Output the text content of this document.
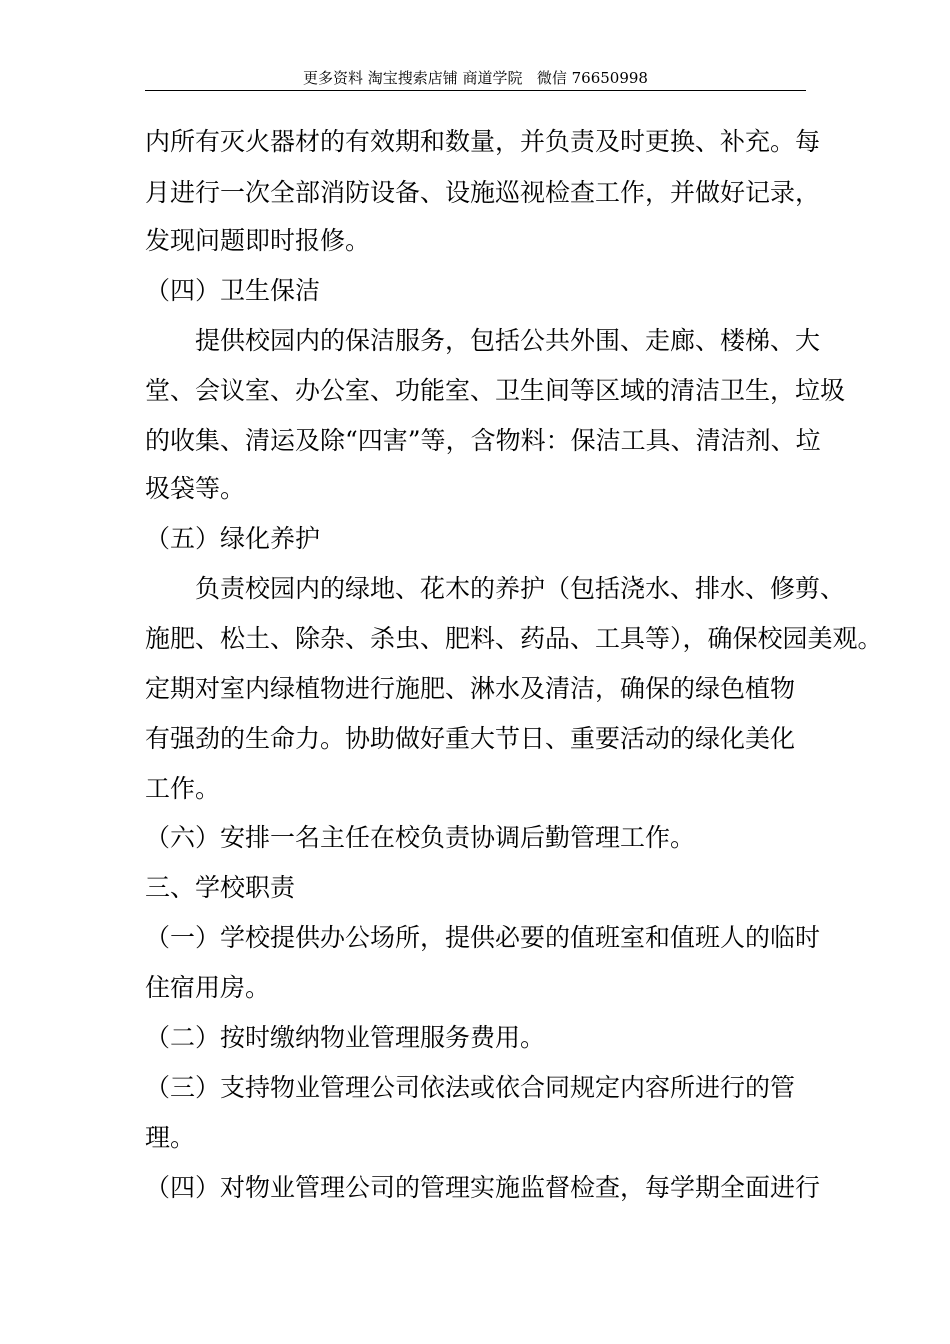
更多资料 淘宝搜索店铺 商道学院   微信 76650998
内所有灭火器材的有效期和数量，并负责及时更换、补充。每
月进行一次全部消防设备、设施巡视检查工作，并做好记录，
发现问题即时报修。
（四）卫生保洁
　　提供校园内的保洁服务，包括公共外围、走廊、楼梯、大
堂、会议室、办公室、功能室、卫生间等区域的清洁卫生，垃圾
的收集、清运及除“四害”等，含物料：保洁工具、清洁剂、垃
圾袋等。
（五）绿化养护
　　负责校园内的绿地、花木的养护（包括浇水、排水、修剪、
施肥、松土、除杂、杀虫、肥料、药品、工具等），确保校园美观。
定期对室内绿植物进行施肥、淋水及清洁，确保的绿色植物
有强劲的生命力。协助做好重大节日、重要活动的绿化美化
工作。
（六）安排一名主任在校负责协调后勤管理工作。
三、学校职责
（一）学校提供办公场所，提供必要的值班室和值班人的临时
住宿用房。
（二）按时缴纳物业管理服务费用。
（三）支持物业管理公司依法或依合同规定内容所进行的管
理。
（四）对物业管理公司的管理实施监督检查，每学期全面进行
